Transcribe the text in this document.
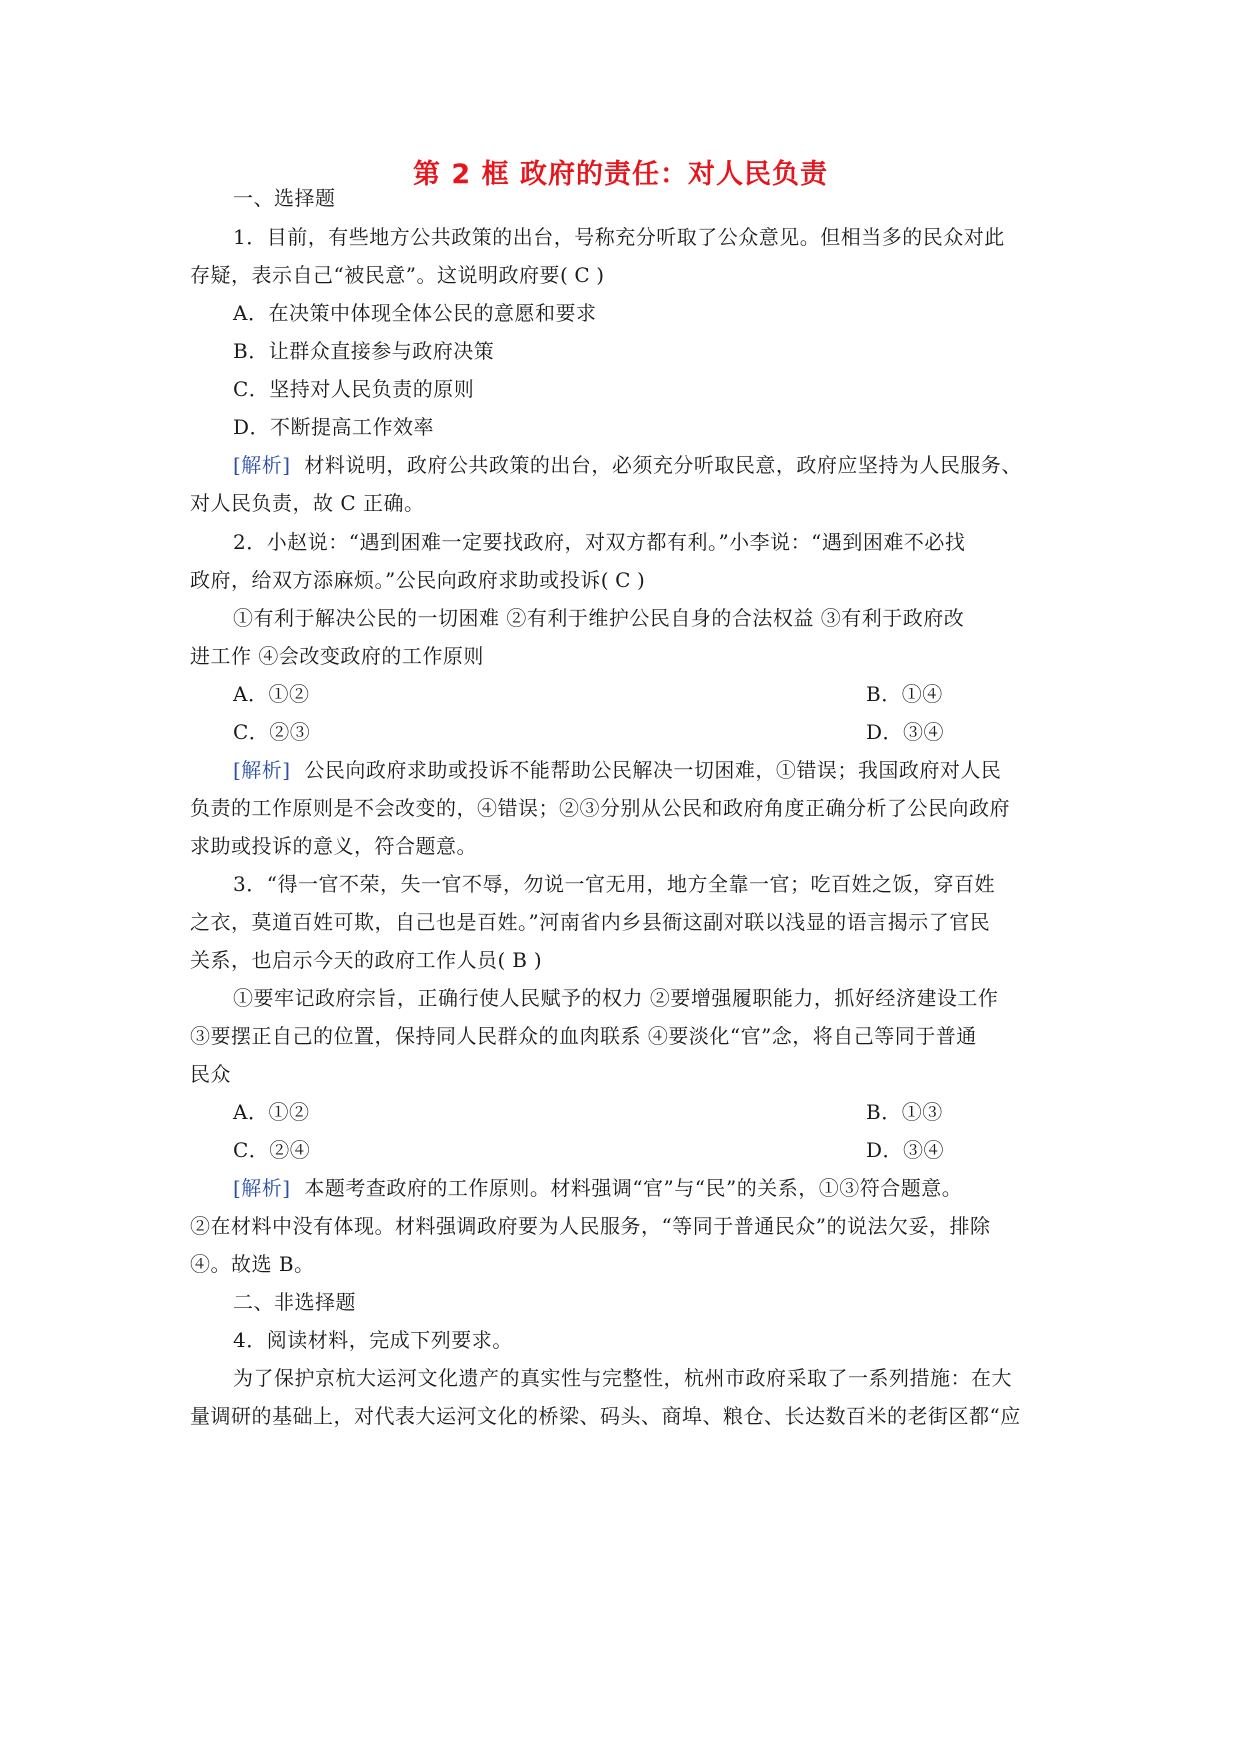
第 2 框 政府的责任：对人民负责
一、选择题
1．目前，有些地方公共政策的出台，号称充分听取了公众意见。但相当多的民众对此
存疑，表示自己“被民意”。这说明政府要( C )
A．在决策中体现全体公民的意愿和要求
B．让群众直接参与政府决策
C．坚持对人民负责的原则
D．不断提高工作效率
[解析] 材料说明，政府公共政策的出台，必须充分听取民意，政府应坚持为人民服务、
对人民负责，故 C 正确。
2．小赵说：“遇到困难一定要找政府，对双方都有利。”小李说：“遇到困难不必找
政府，给双方添麻烦。”公民向政府求助或投诉( C )
①有利于解决公民的一切困难 ②有利于维护公民自身的合法权益 ③有利于政府改
进工作 ④会改变政府的工作原则
A．①②	B．①④
C．②③	D．③④
[解析] 公民向政府求助或投诉不能帮助公民解决一切困难，①错误；我国政府对人民
负责的工作原则是不会改变的，④错误；②③分别从公民和政府角度正确分析了公民向政府
求助或投诉的意义，符合题意。
3．“得一官不荣，失一官不辱，勿说一官无用，地方全靠一官；吃百姓之饭，穿百姓
之衣，莫道百姓可欺，自己也是百姓。”河南省内乡县衙这副对联以浅显的语言揭示了官民
关系，也启示今天的政府工作人员( B )
①要牢记政府宗旨，正确行使人民赋予的权力 ②要增强履职能力，抓好经济建设工作
③要摆正自己的位置，保持同人民群众的血肉联系 ④要淡化“官”念，将自己等同于普通
民众
A．①②	B．①③
C．②④	D．③④
[解析] 本题考查政府的工作原则。材料强调“官”与“民”的关系，①③符合题意。
②在材料中没有体现。材料强调政府要为人民服务，“等同于普通民众”的说法欠妥，排除
④。故选 B。
二、非选择题
4．阅读材料，完成下列要求。
为了保护京杭大运河文化遗产的真实性与完整性，杭州市政府采取了一系列措施：在大
量调研的基础上，对代表大运河文化的桥梁、码头、商埠、粮仓、长达数百米的老街区都“应
